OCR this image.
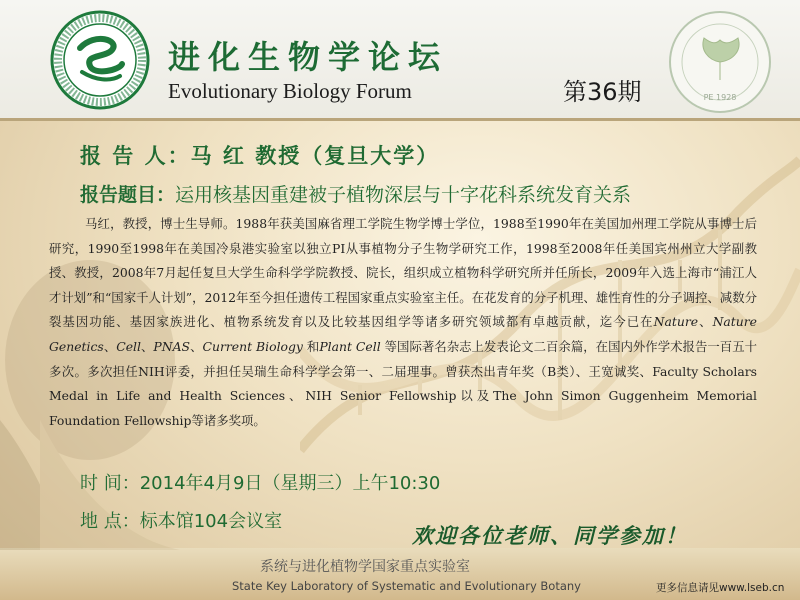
PE 1928
进化生物学论坛
Evolutionary Biology Forum	第36期
报 告 人：马 红 教授（复旦大学）
报告题目：运用核基因重建被子植物深层与十字花科系统发育关系
马红，教授，博士生导师。1988年获美国麻省理工学院生物学博士学位，1988至1990年在美国加州理工学院从事博士后研究，1990至1998年在美国冷泉港实验室以独立PI从事植物分子生物学研究工作，1998至2008年任美国宾州州立大学副教授、教授，2008年7月起任复旦大学生命科学学院教授、院长，组织成立植物科学研究所并任所长，2009年入选上海市“浦江人才计划”和“国家千人计划”，2012年至今担任遗传工程国家重点实验室主任。在花发育的分子机理、雄性育性的分子调控、减数分裂基因功能、基因家族进化、植物系统发育以及比较基因组学等诸多研究领域都有卓越贡献，迄今已在Nature、Nature Genetics、Cell、PNAS、Current Biology 和Plant Cell 等国际著名杂志上发表论文二百余篇，在国内外作学术报告一百五十多次。多次担任NIH评委，并担任吴瑞生命科学学会第一、二届理事。曾获杰出青年奖（B类）、王宽诚奖、Faculty Scholars Medal in Life and Health Sciences、NIH Senior Fellowship以及The John Simon Guggenheim Memorial Foundation Fellowship等诸多奖项。
时 间：2014年4月9日（星期三）上午10:30
地 点：标本馆104会议室
欢迎各位老师、同学参加！
系统与进化植物学国家重点实验室
State Key Laboratory of Systematic and Evolutionary Botany	更多信息请见www.lseb.cn
